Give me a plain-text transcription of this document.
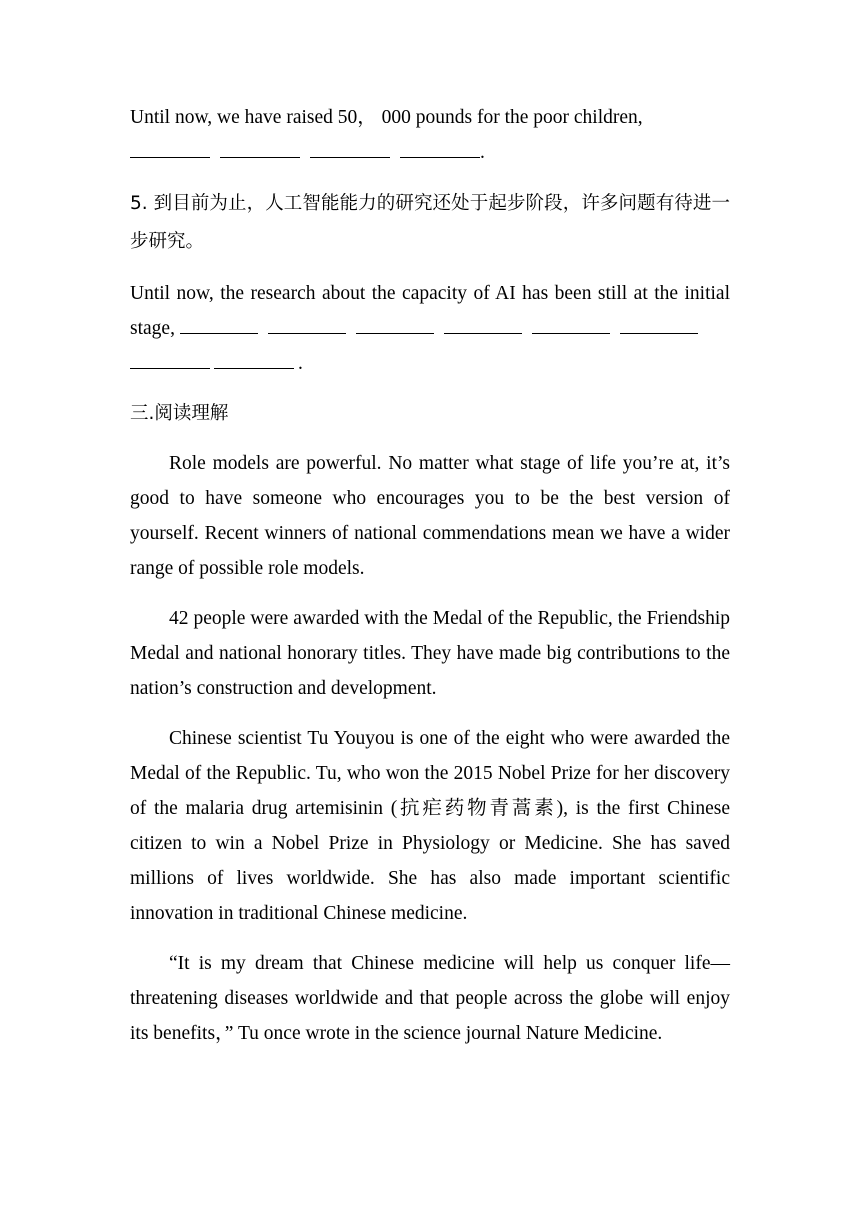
Until now, we have raised 50， 000 pounds for the poor children,
.

5. 到目前为止，人工智能能力的研究还处于起步阶段，许多问题有待进一步研究。

Until now, the research about the capacity of AI has been still at the initial stage,
.

三.阅读理解

Role models are powerful. No matter what stage of life you’re at, it’s good to have someone who encourages you to be the best version of yourself. Recent winners of national commendations mean we have a wider range of possible role models.

42 people were awarded with the Medal of the Republic, the Friendship Medal and national honorary titles. They have made big contributions to the nation’s construction and development.

Chinese scientist Tu Youyou is one of the eight who were awarded the Medal of the Republic. Tu, who won the 2015 Nobel Prize for her discovery of the malaria drug artemisinin (抗疟药物青蒿素), is the first Chinese citizen to win a Nobel Prize in Physiology or Medicine. She has saved millions of lives worldwide. She has also made important scientific innovation in traditional Chinese medicine.

“It is my dream that Chinese medicine will help us conquer life—threatening diseases worldwide and that people across the globe will enjoy its benefits，” Tu once wrote in the science journal Nature Medicine.
